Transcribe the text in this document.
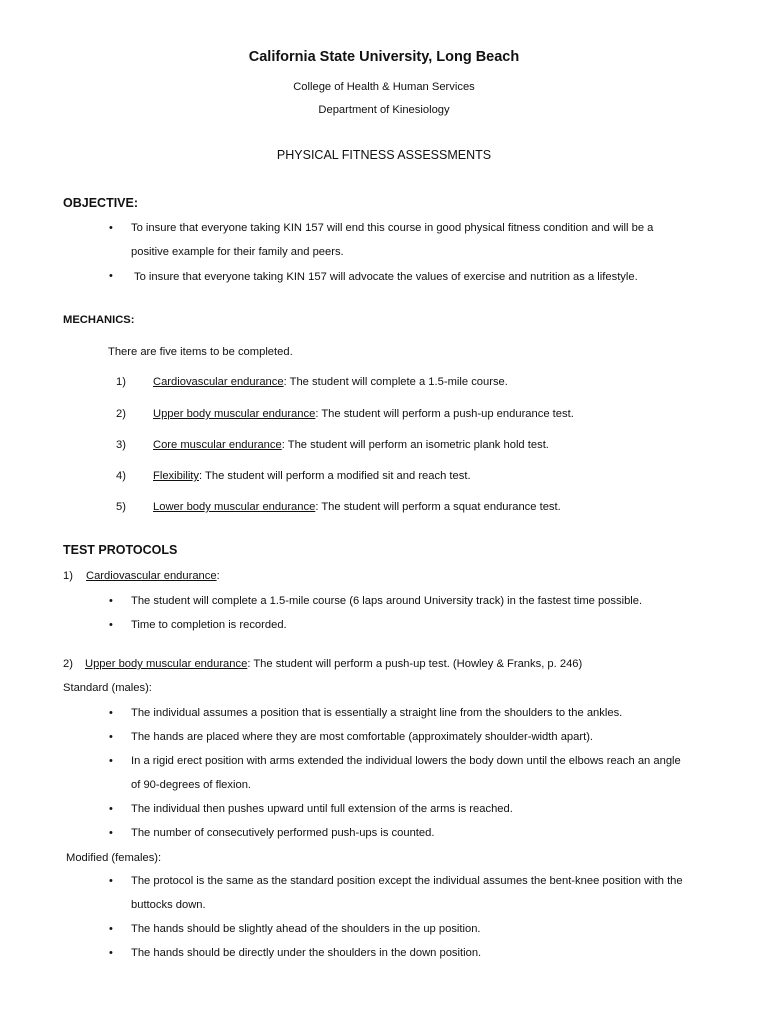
California State University, Long Beach
College of Health & Human Services
Department of Kinesiology
PHYSICAL FITNESS ASSESSMENTS
OBJECTIVE:
• To insure that everyone taking KIN 157 will end this course in good physical fitness condition and will be a
positive example for their family and peers.
• To insure that everyone taking KIN 157 will advocate the values of exercise and nutrition as a lifestyle.
MECHANICS:
There are five items to be completed.
1) Cardiovascular endurance: The student will complete a 1.5-mile course.
2) Upper body muscular endurance: The student will perform a push-up endurance test.
3) Core muscular endurance: The student will perform an isometric plank hold test.
4) Flexibility: The student will perform a modified sit and reach test.
5) Lower body muscular endurance: The student will perform a squat endurance test.
TEST PROTOCOLS
1) Cardiovascular endurance:
• The student will complete a 1.5-mile course (6 laps around University track) in the fastest time possible.
• Time to completion is recorded.
2) Upper body muscular endurance: The student will perform a push-up test. (Howley & Franks, p. 246)
Standard (males):
• The individual assumes a position that is essentially a straight line from the shoulders to the ankles.
• The hands are placed where they are most comfortable (approximately shoulder-width apart).
• In a rigid erect position with arms extended the individual lowers the body down until the elbows reach an angle
of 90-degrees of flexion.
• The individual then pushes upward until full extension of the arms is reached.
• The number of consecutively performed push-ups is counted.
Modified (females):
• The protocol is the same as the standard position except the individual assumes the bent-knee position with the
buttocks down.
• The hands should be slightly ahead of the shoulders in the up position.
• The hands should be directly under the shoulders in the down position.
